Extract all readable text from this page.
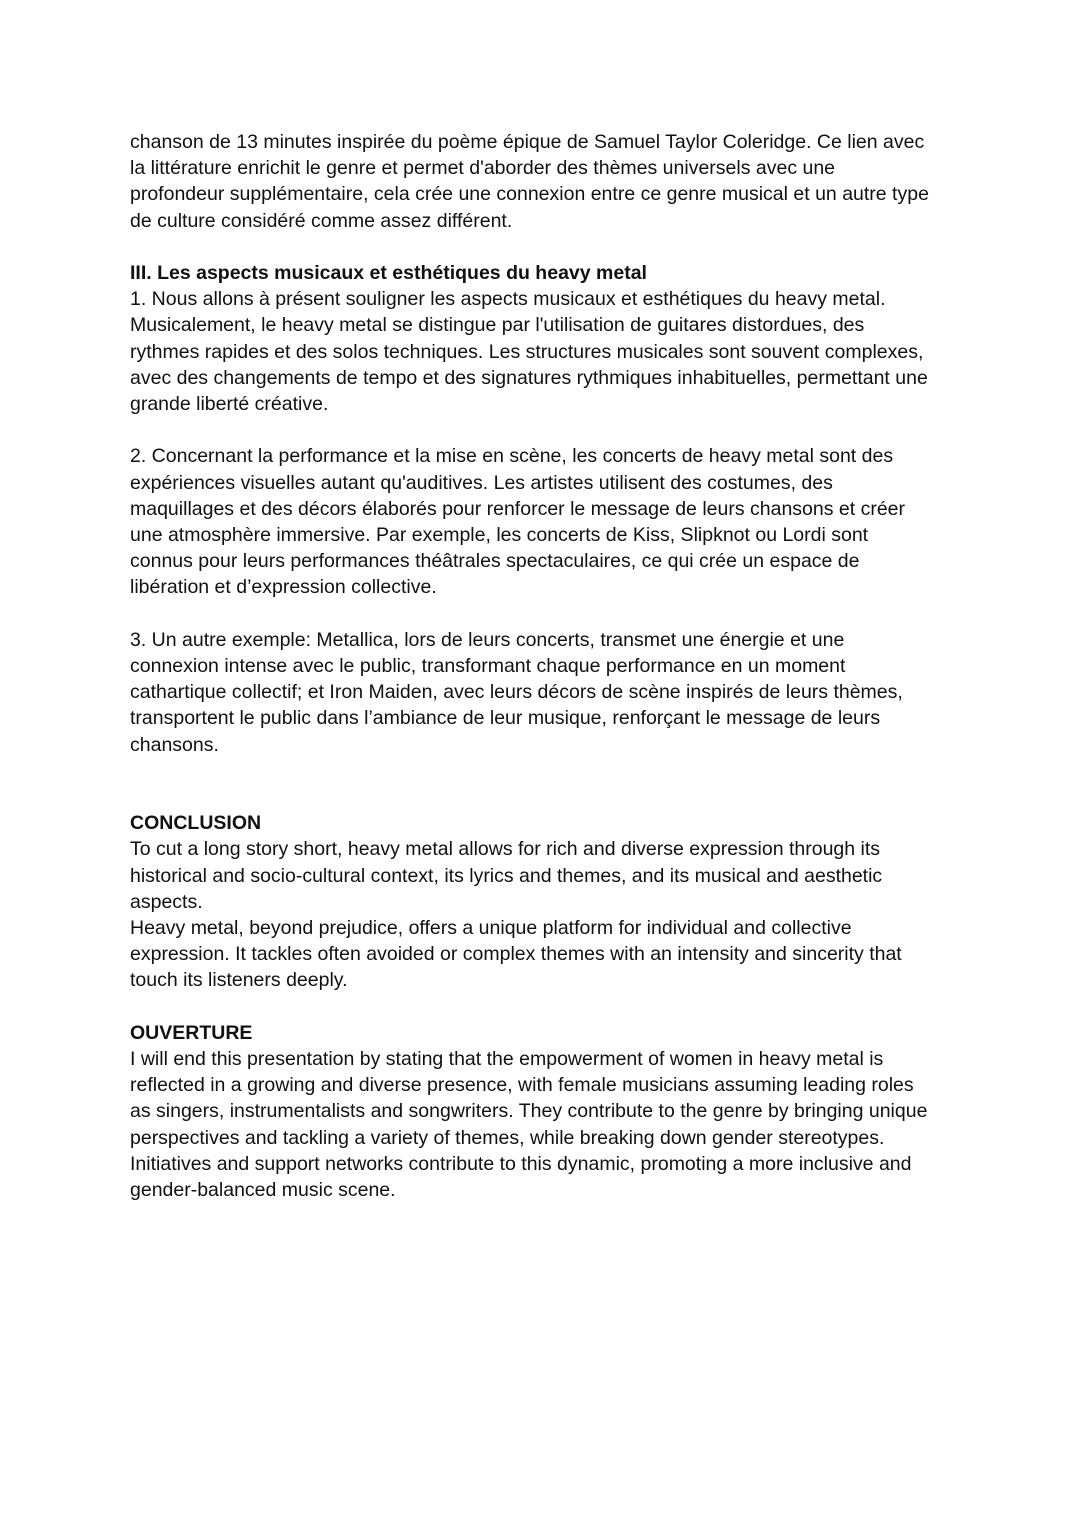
chanson de 13 minutes inspirée du poème épique de Samuel Taylor Coleridge. Ce lien avec
la littérature enrichit le genre et permet d'aborder des thèmes universels avec une
profondeur supplémentaire, cela crée une connexion entre ce genre musical et un autre type
de culture considéré comme assez différent.
III. Les aspects musicaux et esthétiques du heavy metal
1. Nous allons à présent souligner les aspects musicaux et esthétiques du heavy metal.
Musicalement, le heavy metal se distingue par l'utilisation de guitares distordues, des
rythmes rapides et des solos techniques. Les structures musicales sont souvent complexes,
avec des changements de tempo et des signatures rythmiques inhabituelles, permettant une
grande liberté créative.
2. Concernant la performance et la mise en scène, les concerts de heavy metal sont des
expériences visuelles autant qu'auditives. Les artistes utilisent des costumes, des
maquillages et des décors élaborés pour renforcer le message de leurs chansons et créer
une atmosphère immersive. Par exemple, les concerts de Kiss, Slipknot ou Lordi sont
connus pour leurs performances théâtrales spectaculaires, ce qui crée un espace de
libération et d’expression collective.
3. Un autre exemple: Metallica, lors de leurs concerts, transmet une énergie et une
connexion intense avec le public, transformant chaque performance en un moment
cathartique collectif; et Iron Maiden, avec leurs décors de scène inspirés de leurs thèmes,
transportent le public dans l’ambiance de leur musique, renforçant le message de leurs
chansons.
CONCLUSION
To cut a long story short, heavy metal allows for rich and diverse expression through its
historical and socio-cultural context, its lyrics and themes, and its musical and aesthetic
aspects.
Heavy metal, beyond prejudice, offers a unique platform for individual and collective
expression. It tackles often avoided or complex themes with an intensity and sincerity that
touch its listeners deeply.
OUVERTURE
I will end this presentation by stating that the empowerment of women in heavy metal is
reflected in a growing and diverse presence, with female musicians assuming leading roles
as singers, instrumentalists and songwriters. They contribute to the genre by bringing unique
perspectives and tackling a variety of themes, while breaking down gender stereotypes.
Initiatives and support networks contribute to this dynamic, promoting a more inclusive and
gender-balanced music scene.
